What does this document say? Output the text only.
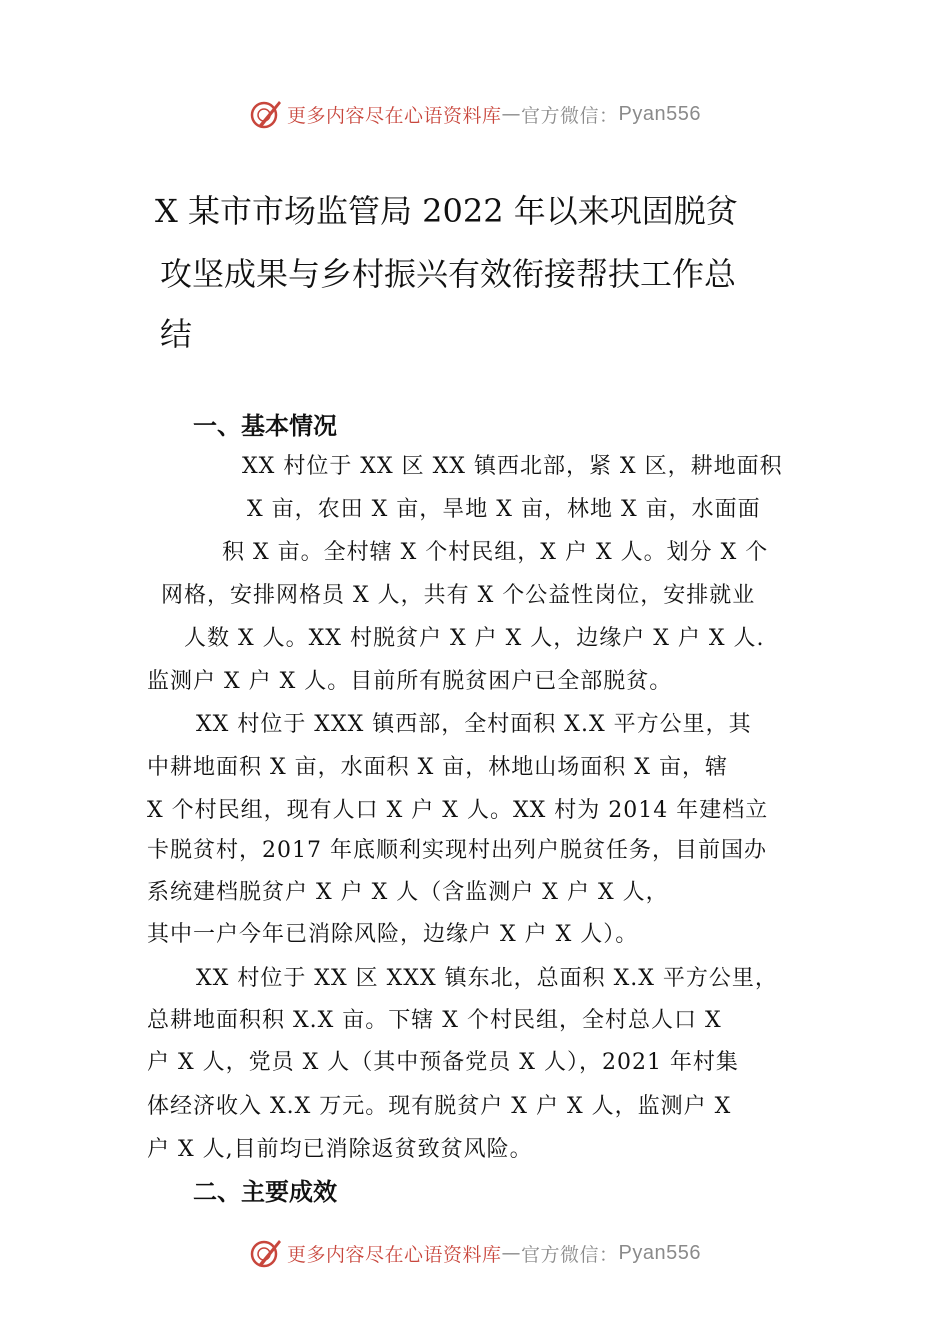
更多内容尽在心语资料库 — 官方微信： Pyan556
X 某市市场监管局 2022 年以来巩固脱贫
攻坚成果与乡村振兴有效衔接帮扶工作总
结
一、基本情况
XX 村位于 XX 区 XX 镇西北部，紧 X 区，耕地面积
X 亩，农田 X 亩，旱地 X 亩，林地 X 亩，水面面
积 X 亩。全村辖 X 个村民组，X 户 X 人。划分 X 个
网格，安排网格员 X 人，共有 X 个公益性岗位，安排就业
人数 X 人。XX 村脱贫户 X 户 X 人，边缘户 X 户 X 人.
监测户 X 户 X 人。目前所有脱贫困户已全部脱贫。
XX 村位于 XXX 镇西部，全村面积 X.X 平方公里，其
中耕地面积 X 亩，水面积 X 亩，林地山场面积 X 亩，辖
X 个村民组，现有人口 X 户 X 人。XX 村为 2014 年建档立
卡脱贫村，2017 年底顺利实现村出列户脱贫任务，目前国办
系统建档脱贫户 X 户 X 人（含监测户 X 户 X 人，
其中一户今年已消除风险，边缘户 X 户 X 人）。
XX 村位于 XX 区 XXX 镇东北，总面积 X.X 平方公里，
总耕地面积积 X.X 亩。下辖 X 个村民组，全村总人口 X
户 X 人，党员 X 人（其中预备党员 X 人），2021 年村集
体经济收入 X.X 万元。现有脱贫户 X 户 X 人，监测户 X
户 X 人,目前均已消除返贫致贫风险。
二、主要成效
更多内容尽在心语资料库 — 官方微信： Pyan556
